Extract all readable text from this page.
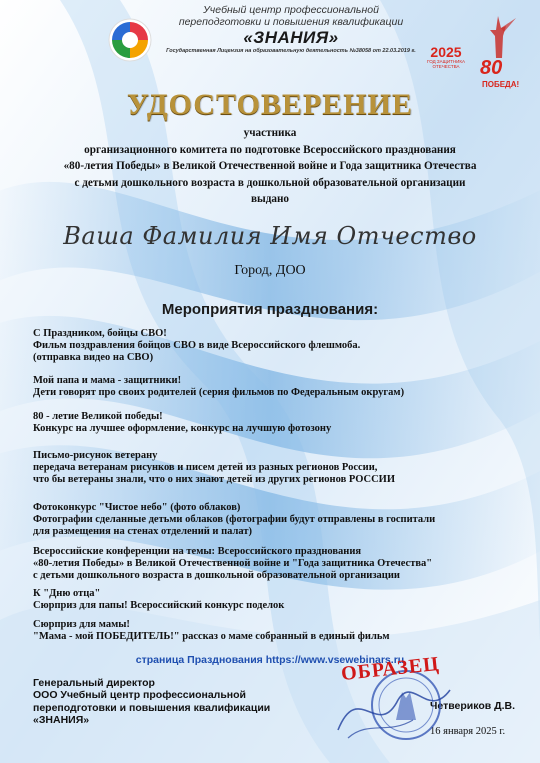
Учебный центр профессиональной
переподготовки и повышения квалификации
«ЗНАНИЯ»
Государственная Лицензия на образовательную деятельность №38058 от 22.03.2019 г.	2025
ГОД ЗАЩИТНИКА ОТЕЧЕСТВА	80
ПОБЕДА!
УДОСТОВЕРЕНИЕ
участника
организационного комитета по подготовке Всероссийского празднования
«80-летия Победы» в Великой Отечественной войне и Года защитника Отечества
с детьми дошкольного возраста в дошкольной образовательной организации
выдано
Ваша Фамилия Имя Отчество
Город, ДОО
Мероприятия празднования:
С Праздником, бойцы СВО!
Фильм поздравления бойцов СВО в виде Всероссийского флешмоба.
(отправка видео на СВО)
Мой папа и мама - защитники!
Дети говорят про своих родителей (серия фильмов по Федеральным округам)
80 - летие Великой победы!
Конкурс на лучшее оформление, конкурс на лучшую фотозону
Письмо-рисунок ветерану
передача ветеранам рисунков и писем детей из разных регионов России,
что бы ветераны знали, что о них знают детей из других регионов РОССИИ
Фотоконкурс "Чистое небо" (фото облаков)
Фотографии сделанные детьми облаков (фотографии будут отправлены в госпитали
для размещения на стенах отделений и палат)
Всероссийские конференции на темы: Всероссийского празднования
«80-летия Победы» в Великой Отечественной войне и "Года защитника Отечества"
с детьми дошкольного возраста в дошкольной образовательной организации
К "Дню отца"
Сюрприз для папы! Всероссийский конкурс поделок
Сюрприз для мамы!
"Мама - мой ПОБЕДИТЕЛЬ!" рассказ о маме собранный в единый фильм
страница Празднования https://www.vsewebinars.ru
Генеральный директор
ООО Учебный центр профессиональной
переподготовки и повышения квалификации
«ЗНАНИЯ»
ОБРАЗЕЦ
Четвериков Д.В.
16 января 2025 г.
